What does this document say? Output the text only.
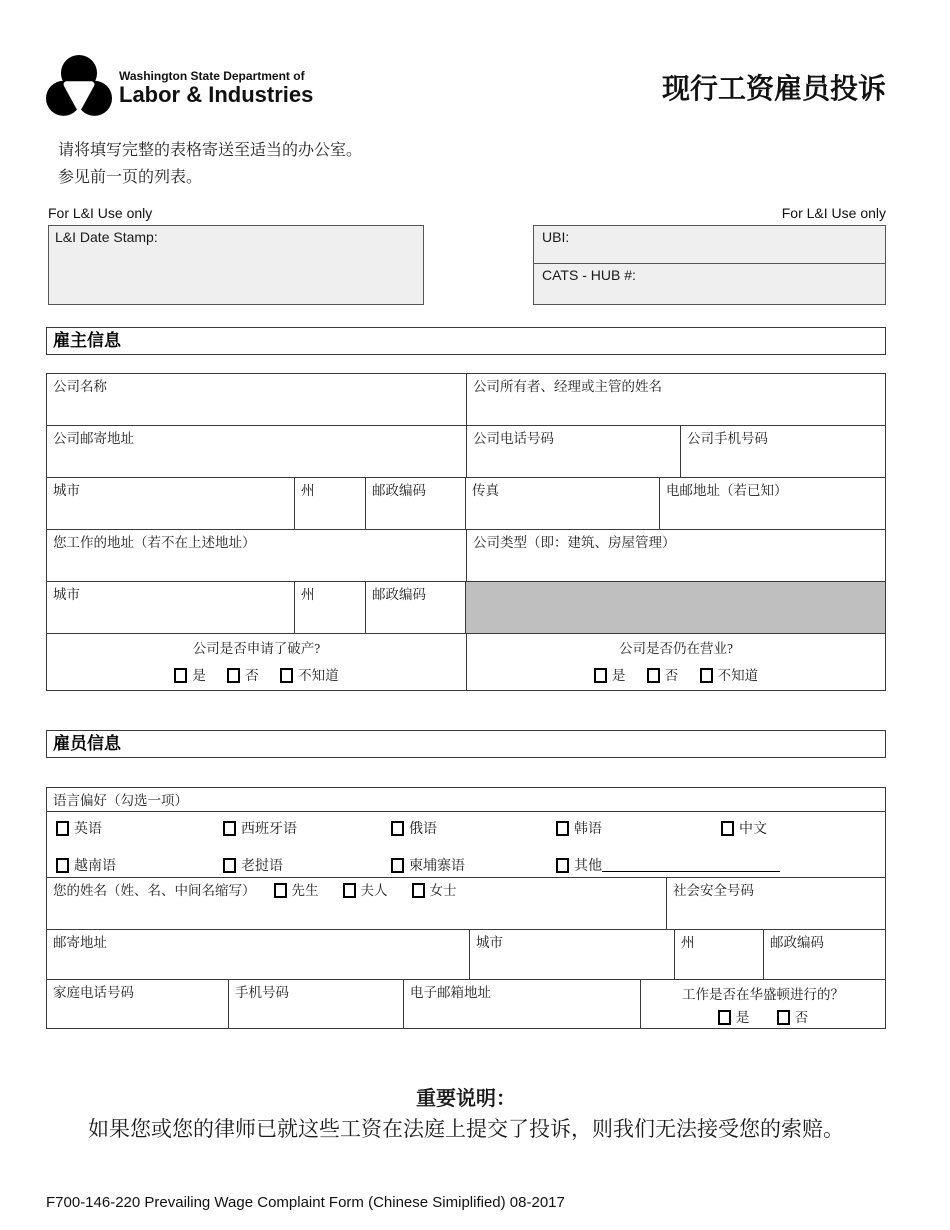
Washington State Department of
Labor & Industries	现行工资雇员投诉
请将填写完整的表格寄送至适当的办公室。
参见前一页的列表。
For L&I Use only
L&I Date Stamp:
For L&I Use only
UBI:
CATS - HUB #:
雇主信息
公司名称	公司所有者、经理或主管的姓名
公司邮寄地址	公司电话号码	公司手机号码
城市	州	邮政编码	传真	电邮地址（若已知）
您工作的地址（若不在上述地址）	公司类型（即：建筑、房屋管理）
城市	州	邮政编码
公司是否申请了破产?
是	否	不知道
公司是否仍在营业?
是	否	不知道
雇员信息
语言偏好（勾选一项）
英语	西班牙语	俄语	韩语	中文
越南语	老挝语	柬埔寨语	其他
您的姓名（姓、名、中间名缩写）	先生	夫人	女士	社会安全号码
邮寄地址	城市	州	邮政编码
家庭电话号码	手机号码	电子邮箱地址	工作是否在华盛顿进行的？
是	否
重要说明：
如果您或您的律师已就这些工资在法庭上提交了投诉，则我们无法接受您的索赔。
F700-146-220 Prevailing Wage Complaint Form (Chinese Simiplified) 08-2017
